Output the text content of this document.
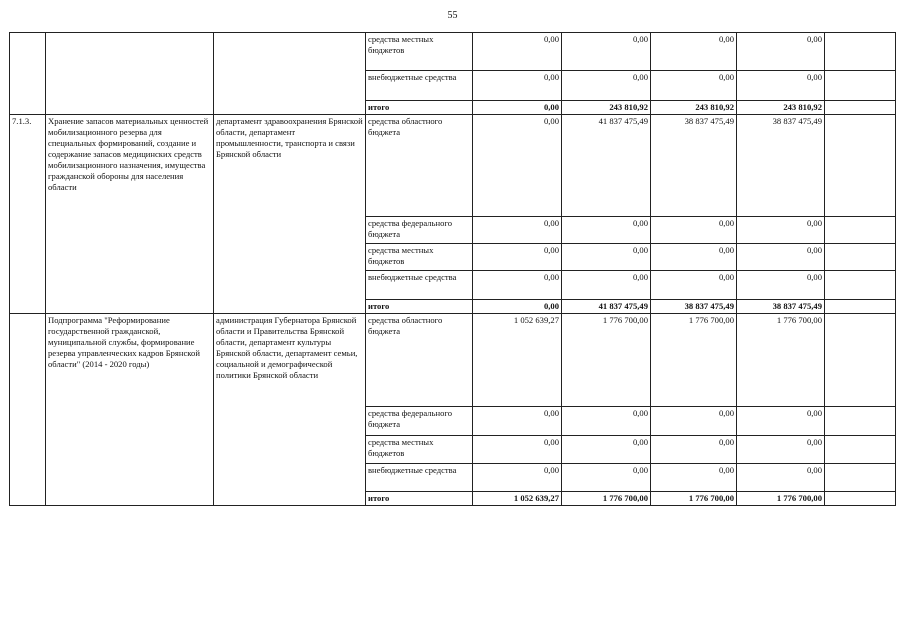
55
			средства местных бюджетов	0,00	0,00	0,00	0,00	
			внебюджетные средства	0,00	0,00	0,00	0,00	
			итого	0,00	243 810,92	243 810,92	243 810,92	
7.1.3.	Хранение запасов материальных ценностей мобилизационного резерва для специальных формирований, создание и содержание запасов медицинских средств мобилизационного назначения, имущества гражданской обороны для населения области	департамент здравоохранения Брянской области, департамент промышленности, транспорта и связи Брянской области	средства областного бюджета	0,00	41 837 475,49	38 837 475,49	38 837 475,49	
			средства федерального бюджета	0,00	0,00	0,00	0,00	
			средства местных бюджетов	0,00	0,00	0,00	0,00	
			внебюджетные средства	0,00	0,00	0,00	0,00	
			итого	0,00	41 837 475,49	38 837 475,49	38 837 475,49	
	Подпрограмма "Реформирование государственной гражданской, муниципальной службы, формирование резерва управленческих кадров Брянской области" (2014 - 2020 годы)	администрация Губернатора Брянской области и Правительства Брянской области, департамент культуры Брянской области, департамент семьи, социальной и демографической политики Брянской области	средства областного бюджета	1 052 639,27	1 776 700,00	1 776 700,00	1 776 700,00	
			средства федерального бюджета	0,00	0,00	0,00	0,00	
			средства местных бюджетов	0,00	0,00	0,00	0,00	
			внебюджетные средства	0,00	0,00	0,00	0,00	
			итого	1 052 639,27	1 776 700,00	1 776 700,00	1 776 700,00	
